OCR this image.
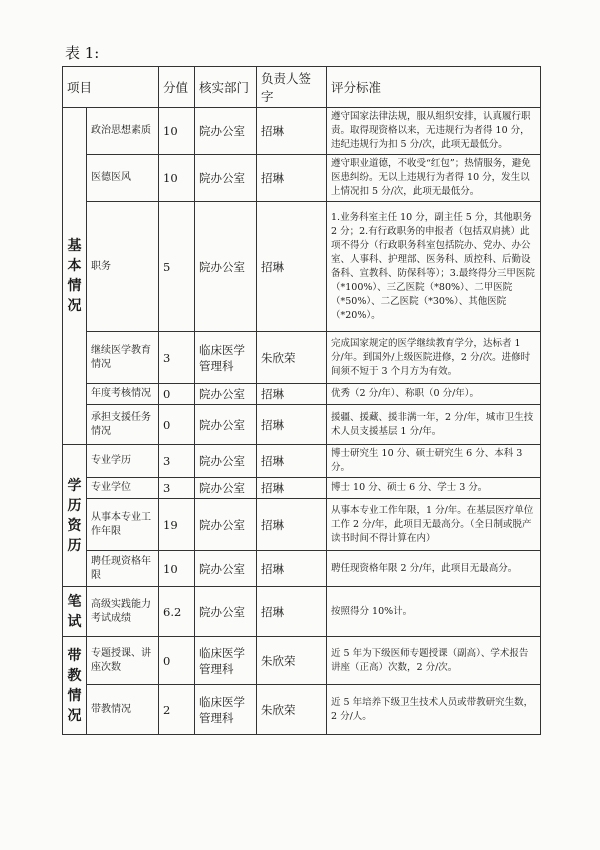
表 1:
项目		分值	核实部门	负责人签字	评分标准
基本情况	政治思想素质	10	院办公室	招琳	遵守国家法律法规，服从组织安排，认真履行职责。取得现资格以来，无违规行为者得 10 分，违纪违规行为扣 5 分/次，此项无最低分。
	医德医风	10	院办公室	招琳	遵守职业道德，不收受“红包”；热情服务，避免医患纠纷。无以上违规行为者得 10 分，发生以上情况扣 5 分/次，此项无最低分。
	职务	5	院办公室	招琳	1.业务科室主任 10 分，副主任 5 分，其他职务 2 分；2.有行政职务的申报者（包括双肩挑）此项不得分（行政职务科室包括院办、党办、办公室、人事科、护理部、医务科、质控科、后勤设备科、宣教科、防保科等）；3.最终得分三甲医院（*100%）、三乙医院（*80%）、二甲医院（*50%）、二乙医院（*30%）、其他医院（*20%）。
	继续医学教育情况	3	临床医学管理科	朱欣荣	完成国家规定的医学继续教育学分，达标者 1 分/年。到国外/上级医院进修，2 分/次。进修时间须不短于 3 个月方为有效。
	年度考核情况	0	院办公室	招琳	优秀（2 分/年）、称职（0 分/年）。
	承担支援任务情况	0	院办公室	招琳	援疆、援藏、援非满一年，2 分/年，城市卫生技术人员支援基层 1 分/年。
学历资历	专业学历	3	院办公室	招琳	博士研究生 10 分、硕士研究生 6 分、本科 3 分。
	专业学位	3	院办公室	招琳	博士 10 分、硕士 6 分、学士 3 分。
	从事本专业工作年限	19	院办公室	招琳	从事本专业工作年限，1 分/年。在基层医疗单位工作 2 分/年，此项目无最高分。（全日制或脱产读书时间不得计算在内）
	聘任现资格年限	10	院办公室	招琳	聘任现资格年限 2 分/年，此项目无最高分。
笔试	高级实践能力考试成绩	6.2	院办公室	招琳	按照得分 10%计。
带教情况	专题授课、讲座次数	0	临床医学管理科	朱欣荣	近 5 年为下级医师专题授课（副高）、学术报告讲座（正高）次数，2 分/次。
	带教情况	2	临床医学管理科	朱欣荣	近 5 年培养下级卫生技术人员或带教研究生数，2 分/人。
